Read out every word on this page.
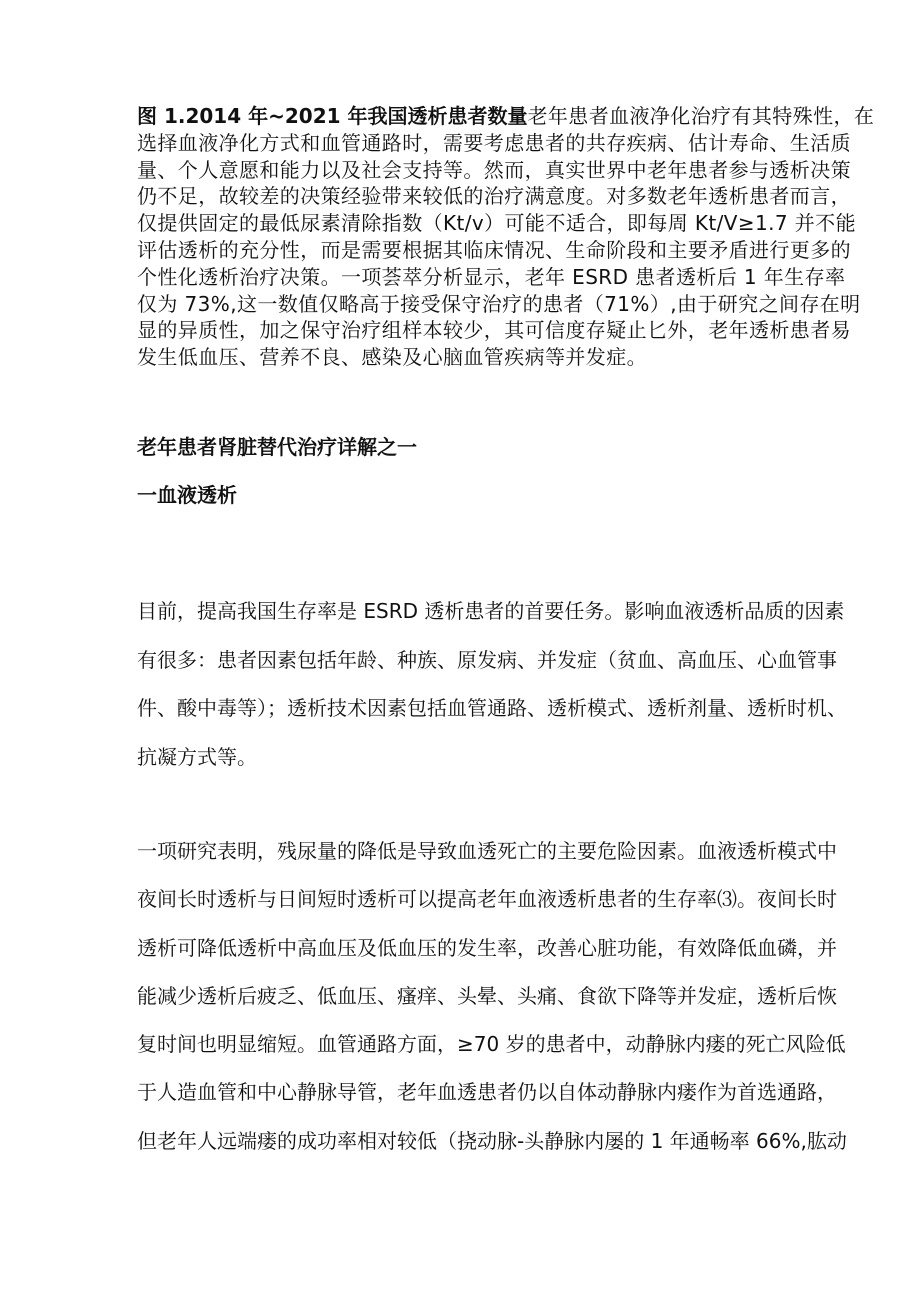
图 1.2014 年~2021 年我国透析患者数量老年患者血液净化治疗有其特殊性，在
选择血液净化方式和血管通路时，需要考虑患者的共存疾病、估计寿命、生活质
量、个人意愿和能力以及社会支持等。然而，真实世界中老年患者参与透析决策
仍不足，故较差的决策经验带来较低的治疗满意度。对多数老年透析患者而言，
仅提供固定的最低尿素清除指数（Kt/v）可能不适合，即每周 Kt/V≥1.7 并不能
评估透析的充分性，而是需要根据其临床情况、生命阶段和主要矛盾进行更多的
个性化透析治疗决策。一项荟萃分析显示，老年 ESRD 患者透析后 1 年生存率
仅为 73%,这一数值仅略高于接受保守治疗的患者（71%）,由于研究之间存在明
显的异质性，加之保守治疗组样本较少，其可信度存疑止匕外，老年透析患者易
发生低血压、营养不良、感染及心脑血管疾病等并发症。
老年患者肾脏替代治疗详解之一
一血液透析
目前，提高我国生存率是 ESRD 透析患者的首要任务。影响血液透析品质的因素
有很多：患者因素包括年龄、种族、原发病、并发症（贫血、高血压、心血管事
件、酸中毒等）；透析技术因素包括血管通路、透析模式、透析剂量、透析时机、
抗凝方式等。
一项研究表明，残尿量的降低是导致血透死亡的主要危险因素。血液透析模式中
夜间长时透析与日间短时透析可以提高老年血液透析患者的生存率⑶。夜间长时
透析可降低透析中高血压及低血压的发生率，改善心脏功能，有效降低血磷，并
能减少透析后疲乏、低血压、瘙痒、头晕、头痛、食欲下降等并发症，透析后恢
复时间也明显缩短。血管通路方面，≥70 岁的患者中，动静脉内瘘的死亡风险低
于人造血管和中心静脉导管，老年血透患者仍以自体动静脉内瘘作为首选通路，
但老年人远端瘘的成功率相对较低（挠动脉-头静脉内屡的 1 年通畅率 66%,肱动
